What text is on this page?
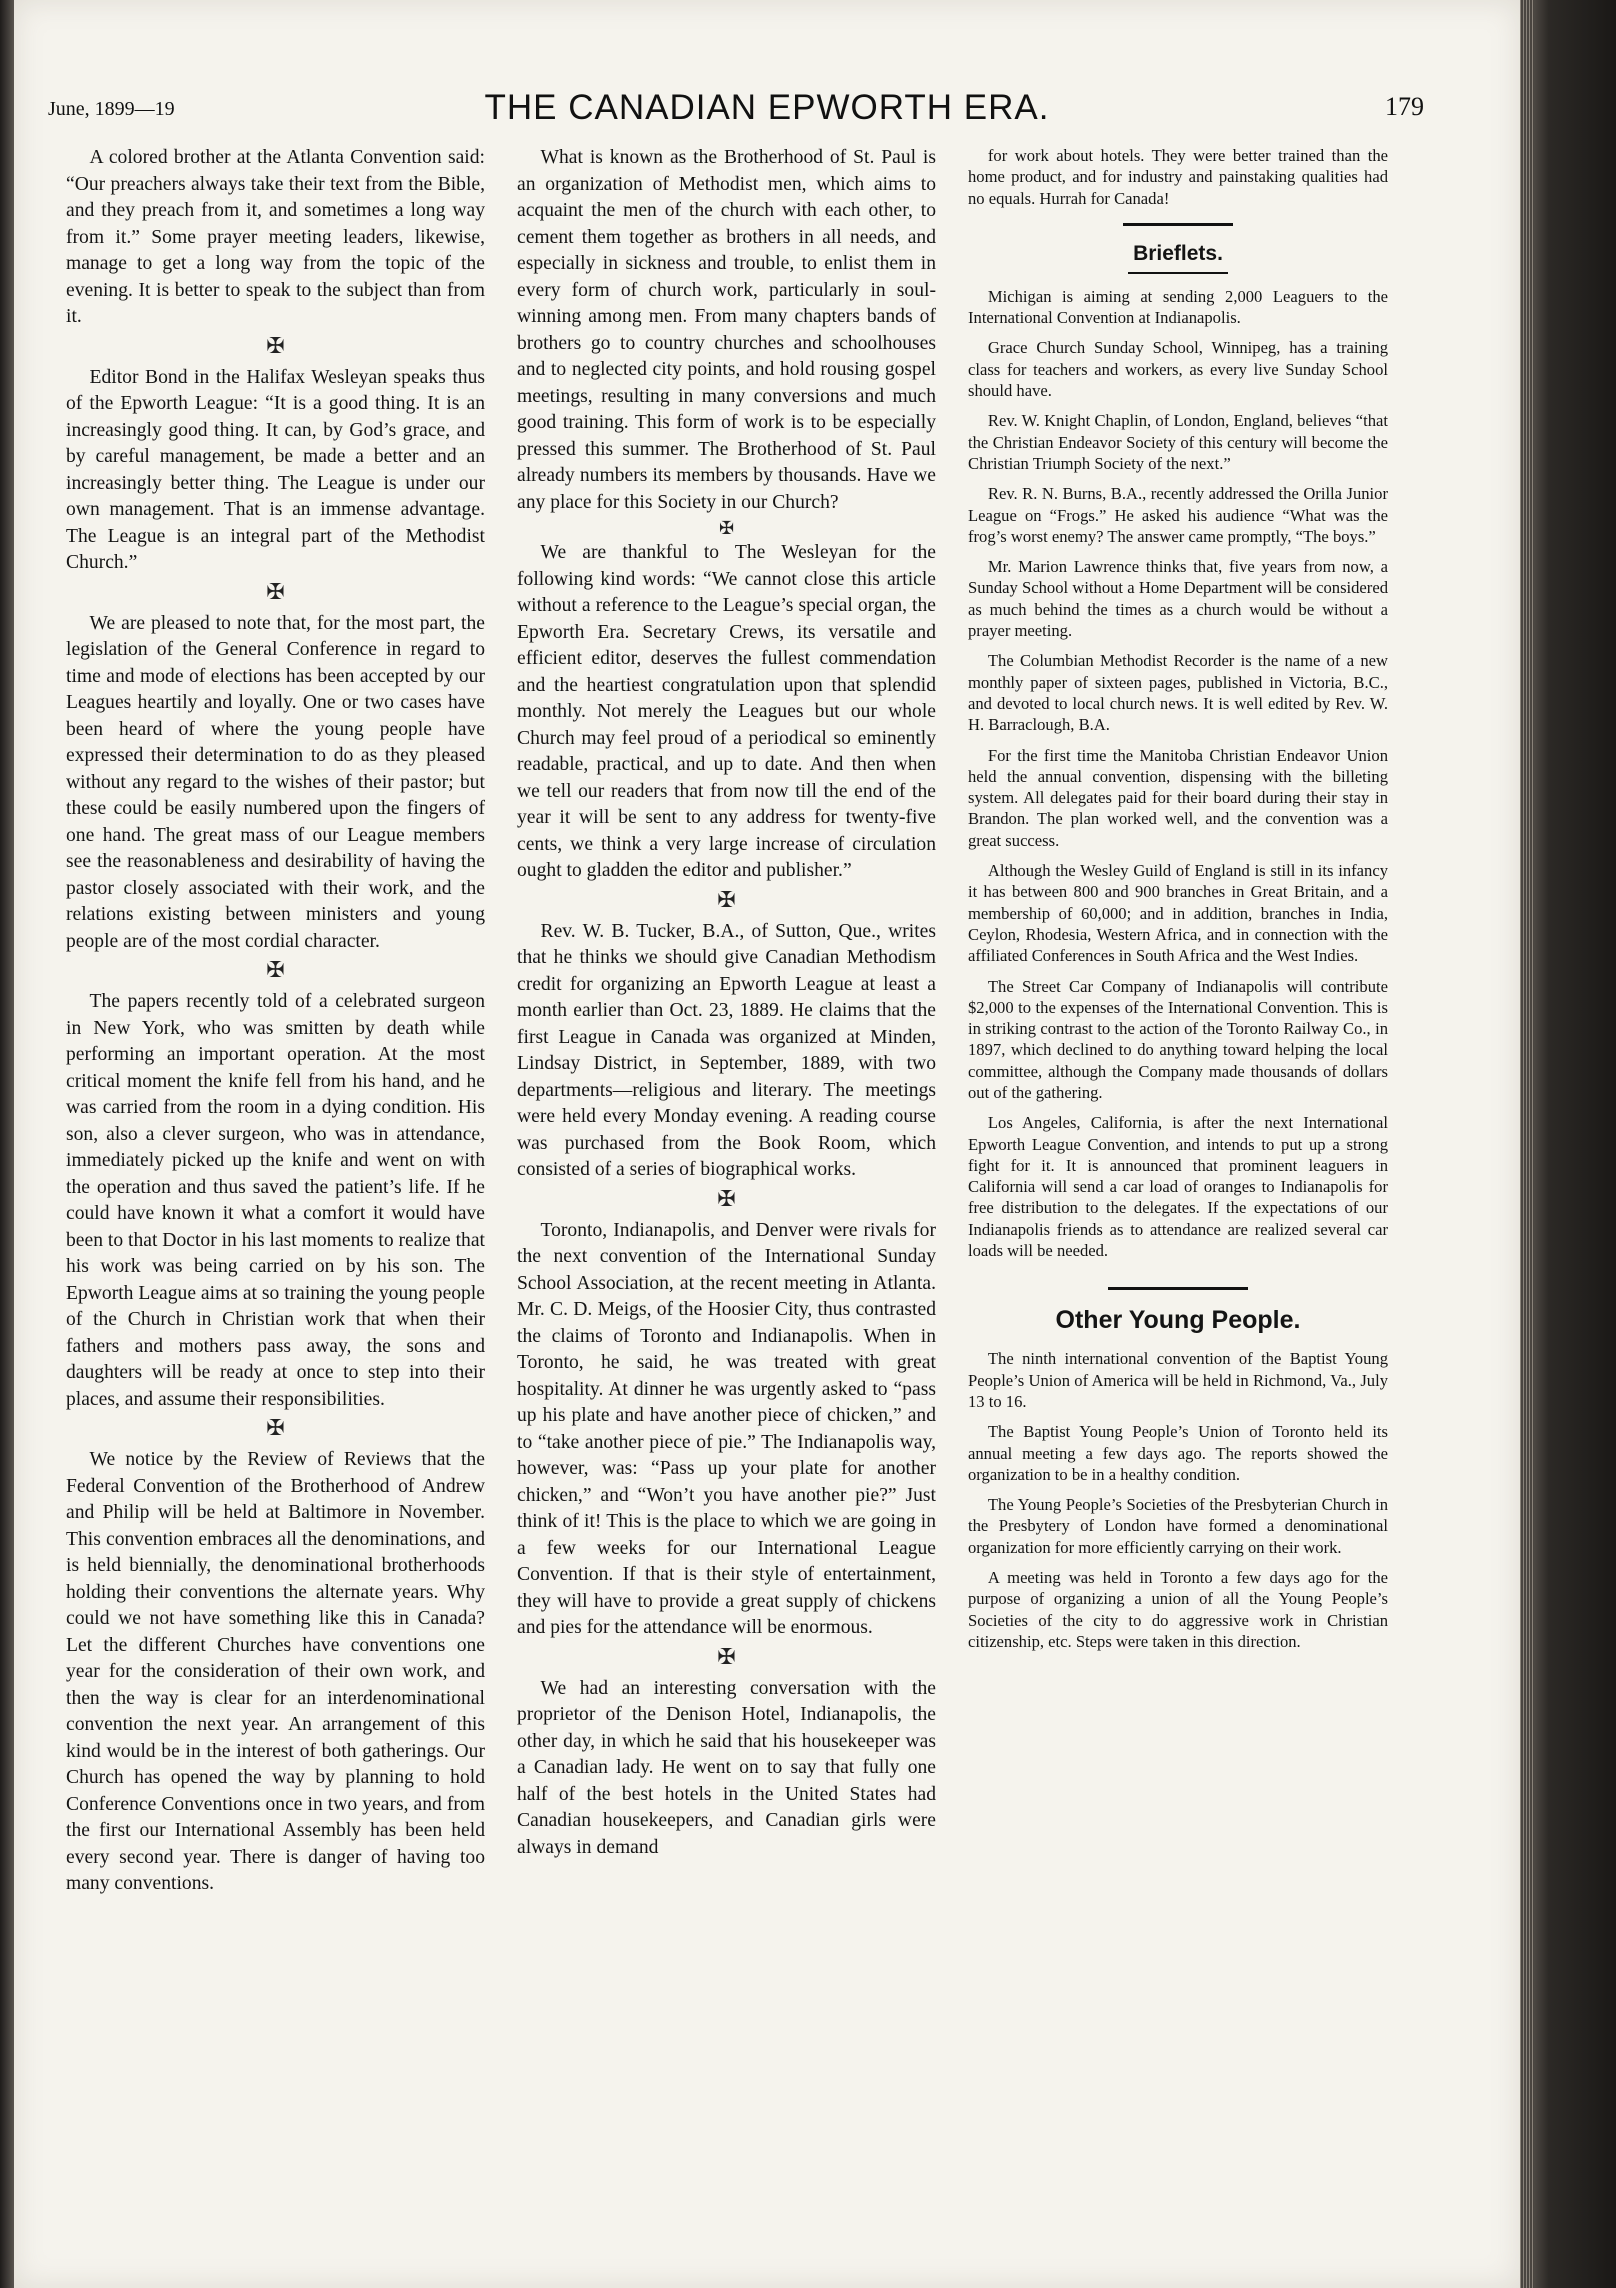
June, 1899—19	THE CANADIAN EPWORTH ERA.	179

A colored brother at the Atlanta Convention said: “Our preachers always take their text from the Bible, and they preach from it, and sometimes a long way from it.” Some prayer meeting leaders, likewise, manage to get a long way from the topic of the evening. It is better to speak to the subject than from it.

✠

Editor Bond in the Halifax Wesleyan speaks thus of the Epworth League: “It is a good thing. It is an increasingly good thing. It can, by God’s grace, and by careful management, be made a better and an increasingly better thing. The League is under our own management. That is an immense advantage. The League is an integral part of the Methodist Church.”

✠

We are pleased to note that, for the most part, the legislation of the General Conference in regard to time and mode of elections has been accepted by our Leagues heartily and loyally. One or two cases have been heard of where the young people have expressed their determination to do as they pleased without any regard to the wishes of their pastor; but these could be easily numbered upon the fingers of one hand. The great mass of our League members see the reasonableness and desirability of having the pastor closely associated with their work, and the relations existing between ministers and young people are of the most cordial character.

✠

The papers recently told of a celebrated surgeon in New York, who was smitten by death while performing an important operation. At the most critical moment the knife fell from his hand, and he was carried from the room in a dying condition. His son, also a clever surgeon, who was in attendance, immediately picked up the knife and went on with the operation and thus saved the patient’s life. If he could have known it what a comfort it would have been to that Doctor in his last moments to realize that his work was being carried on by his son. The Epworth League aims at so training the young people of the Church in Christian work that when their fathers and mothers pass away, the sons and daughters will be ready at once to step into their places, and assume their responsibilities.

✠

We notice by the Review of Reviews that the Federal Convention of the Brotherhood of Andrew and Philip will be held at Baltimore in November. This convention embraces all the denominations, and is held biennially, the denominational brotherhoods holding their conventions the alternate years. Why could we not have something like this in Canada? Let the different Churches have conventions one year for the consideration of their own work, and then the way is clear for an interdenominational convention the next year. An arrangement of this kind would be in the interest of both gatherings. Our Church has opened the way by planning to hold Conference Conventions once in two years, and from the first our International Assembly has been held every second year. There is danger of having too many conventions.

What is known as the Brotherhood of St. Paul is an organization of Methodist men, which aims to acquaint the men of the church with each other, to cement them together as brothers in all needs, and especially in sickness and trouble, to enlist them in every form of church work, particularly in soul-winning among men. From many chapters bands of brothers go to country churches and schoolhouses and to neglected city points, and hold rousing gospel meetings, resulting in many conversions and much good training. This form of work is to be especially pressed this summer. The Brotherhood of St. Paul already numbers its members by thousands. Have we any place for this Society in our Church?

✠

We are thankful to The Wesleyan for the following kind words: “We cannot close this article without a reference to the League’s special organ, the Epworth Era. Secretary Crews, its versatile and efficient editor, deserves the fullest commendation and the heartiest congratulation upon that splendid monthly. Not merely the Leagues but our whole Church may feel proud of a periodical so eminently readable, practical, and up to date. And then when we tell our readers that from now till the end of the year it will be sent to any address for twenty-five cents, we think a very large increase of circulation ought to gladden the editor and publisher.”

✠

Rev. W. B. Tucker, B.A., of Sutton, Que., writes that he thinks we should give Canadian Methodism credit for organizing an Epworth League at least a month earlier than Oct. 23, 1889. He claims that the first League in Canada was organized at Minden, Lindsay District, in September, 1889, with two departments—religious and literary. The meetings were held every Monday evening. A reading course was purchased from the Book Room, which consisted of a series of biographical works.

✠

Toronto, Indianapolis, and Denver were rivals for the next convention of the International Sunday School Association, at the recent meeting in Atlanta. Mr. C. D. Meigs, of the Hoosier City, thus contrasted the claims of Toronto and Indianapolis. When in Toronto, he said, he was treated with great hospitality. At dinner he was urgently asked to “pass up his plate and have another piece of chicken,” and to “take another piece of pie.” The Indianapolis way, however, was: “Pass up your plate for another chicken,” and “Won’t you have another pie?” Just think of it! This is the place to which we are going in a few weeks for our International League Convention. If that is their style of entertainment, they will have to provide a great supply of chickens and pies for the attendance will be enormous.

✠

We had an interesting conversation with the proprietor of the Denison Hotel, Indianapolis, the other day, in which he said that his housekeeper was a Canadian lady. He went on to say that fully one half of the best hotels in the United States had Canadian housekeepers, and Canadian girls were always in demand

for work about hotels. They were better trained than the home product, and for industry and painstaking qualities had no equals. Hurrah for Canada!

Brieflets.

Michigan is aiming at sending 2,000 Leaguers to the International Convention at Indianapolis.

Grace Church Sunday School, Winnipeg, has a training class for teachers and workers, as every live Sunday School should have.

Rev. W. Knight Chaplin, of London, England, believes “that the Christian Endeavor Society of this century will become the Christian Triumph Society of the next.”

Rev. R. N. Burns, B.A., recently addressed the Orilla Junior League on “Frogs.” He asked his audience “What was the frog’s worst enemy? The answer came promptly, “The boys.”

Mr. Marion Lawrence thinks that, five years from now, a Sunday School without a Home Department will be considered as much behind the times as a church would be without a prayer meeting.

The Columbian Methodist Recorder is the name of a new monthly paper of sixteen pages, published in Victoria, B.C., and devoted to local church news. It is well edited by Rev. W. H. Barraclough, B.A.

For the first time the Manitoba Christian Endeavor Union held the annual convention, dispensing with the billeting system. All delegates paid for their board during their stay in Brandon. The plan worked well, and the convention was a great success.

Although the Wesley Guild of England is still in its infancy it has between 800 and 900 branches in Great Britain, and a membership of 60,000; and in addition, branches in India, Ceylon, Rhodesia, Western Africa, and in connection with the affiliated Conferences in South Africa and the West Indies.

The Street Car Company of Indianapolis will contribute $2,000 to the expenses of the International Convention. This is in striking contrast to the action of the Toronto Railway Co., in 1897, which declined to do anything toward helping the local committee, although the Company made thousands of dollars out of the gathering.

Los Angeles, California, is after the next International Epworth League Convention, and intends to put up a strong fight for it. It is announced that prominent leaguers in California will send a car load of oranges to Indianapolis for free distribution to the delegates. If the expectations of our Indianapolis friends as to attendance are realized several car loads will be needed.

Other Young People.

The ninth international convention of the Baptist Young People’s Union of America will be held in Richmond, Va., July 13 to 16.

The Baptist Young People’s Union of Toronto held its annual meeting a few days ago. The reports showed the organization to be in a healthy condition.

The Young People’s Societies of the Presbyterian Church in the Presbytery of London have formed a denominational organization for more efficiently carrying on their work.

A meeting was held in Toronto a few days ago for the purpose of organizing a union of all the Young People’s Societies of the city to do aggressive work in Christian citizenship, etc. Steps were taken in this direction.
